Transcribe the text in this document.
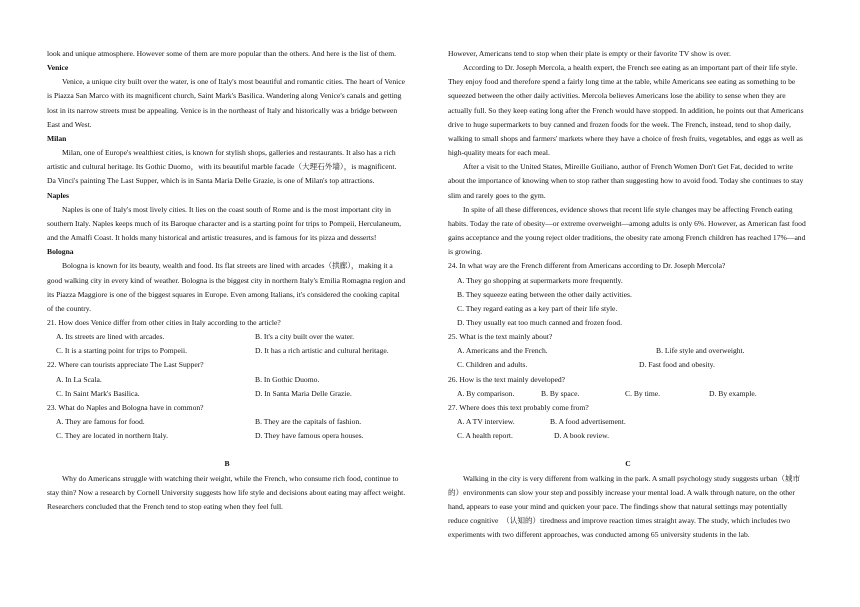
look and unique atmosphere. However some of them are more popular than the others. And here is the list of them.

Venice

Venice, a unique city built over the water, is one of Italy's most beautiful and romantic cities. The heart of Venice is Piazza San Marco with its magnificent church, Saint Mark's Basilica. Wandering along Venice's canals and getting lost in its narrow streets must be appealing. Venice is in the northeast of Italy and historically was a bridge between East and West.

Milan

Milan, one of Europe's wealthiest cities, is known for stylish shops, galleries and restaurants. It also has a rich artistic and cultural heritage. Its Gothic Duomo，with its beautiful marble facade（大理石外墙），is magnificent. Da Vinci's painting The Last Supper, which is in Santa Maria Delle Grazie, is one of Milan's top attractions.

Naples

Naples is one of Italy's most lively cities. It lies on the coast south of Rome and is the most important city in southern Italy. Naples keeps much of its Baroque character and is a starting point for trips to Pompeii, Herculaneum, and the Amalfi Coast. It holds many historical and artistic treasures, and is famous for its pizza and desserts!

Bologna

Bologna is known for its beauty, wealth and food. Its flat streets are lined with arcades（拱廊），making it a good walking city in every kind of weather. Bologna is the biggest city in northern Italy's Emilia Romagna region and its Piazza Maggiore is one of the biggest squares in Europe. Even among Italians, it's considered the cooking capital of the country.

21. How does Venice differ from other cities in Italy according to the article?

A. Its streets are lined with arcades.	B. It's a city built over the water.
C. It is a starting point for trips to Pompeii.	D. It has a rich artistic and cultural heritage.

22. Where can tourists appreciate The Last Supper?

A. In La Scala.	B. In Gothic Duomo.
C. In Saint Mark's Basilica.	D. In Santa Maria Delle Grazie.

23. What do Naples and Bologna have in common?

A. They are famous for food.	B. They are the capitals of fashion.
C. They are located in northern Italy.	D. They have famous opera houses.

B

Why do Americans struggle with watching their weight, while the French, who consume rich food, continue to stay thin? Now a research by Cornell University suggests how life style and decisions about eating may affect weight. Researchers concluded that the French tend to stop eating when they feel full.

However, Americans tend to stop when their plate is empty or their favorite TV show is over.

According to Dr. Joseph Mercola, a health expert, the French see eating as an important part of their life style. They enjoy food and therefore spend a fairly long time at the table, while Americans see eating as something to be squeezed between the other daily activities. Mercola believes Americans lose the ability to sense when they are actually full. So they keep eating long after the French would have stopped. In addition, he points out that Americans drive to huge supermarkets to buy canned and frozen foods for the week. The French, instead, tend to shop daily, walking to small shops and farmers' markets where they have a choice of fresh fruits, vegetables, and eggs as well as high-quality meats for each meal.

After a visit to the United States, Mireille Guiliano, author of French Women Don't Get Fat, decided to write about the importance of knowing when to stop rather than suggesting how to avoid food. Today she continues to stay slim and rarely goes to the gym.

In spite of all these differences, evidence shows that recent life style changes may be affecting French eating habits. Today the rate of obesity—or extreme overweight—among adults is only 6%. However, as American fast food gains acceptance and the young reject older traditions, the obesity rate among French children has reached 17%—and is growing.

24. In what way are the French different from Americans according to Dr. Joseph Mercola?

A. They go shopping at supermarkets more frequently.

B. They squeeze eating between the other daily activities.

C. They regard eating as a key part of their life style.

D. They usually eat too much canned and frozen food.

25. What is the text mainly about?

A. Americans and the French.	B. Life style and overweight.
C. Children and adults.	D. Fast food and obesity.

26. How is the text mainly developed?

A. By comparison.	B. By space.	C. By time.	D. By example.

27. Where does this text probably come from?

A. A TV interview.	B. A food advertisement.
C. A health report.	D. A book review.

C

Walking in the city is very different from walking in the park. A small psychology study suggests urban（城市的）environments can slow your step and possibly increase your mental load. A walk through nature, on the other hand, appears to ease your mind and quicken your pace. The findings show that natural settings may potentially reduce cognitive　（认知的）tiredness and improve reaction times straight away. The study, which includes two experiments with two different approaches, was conducted among 65 university students in the lab.
